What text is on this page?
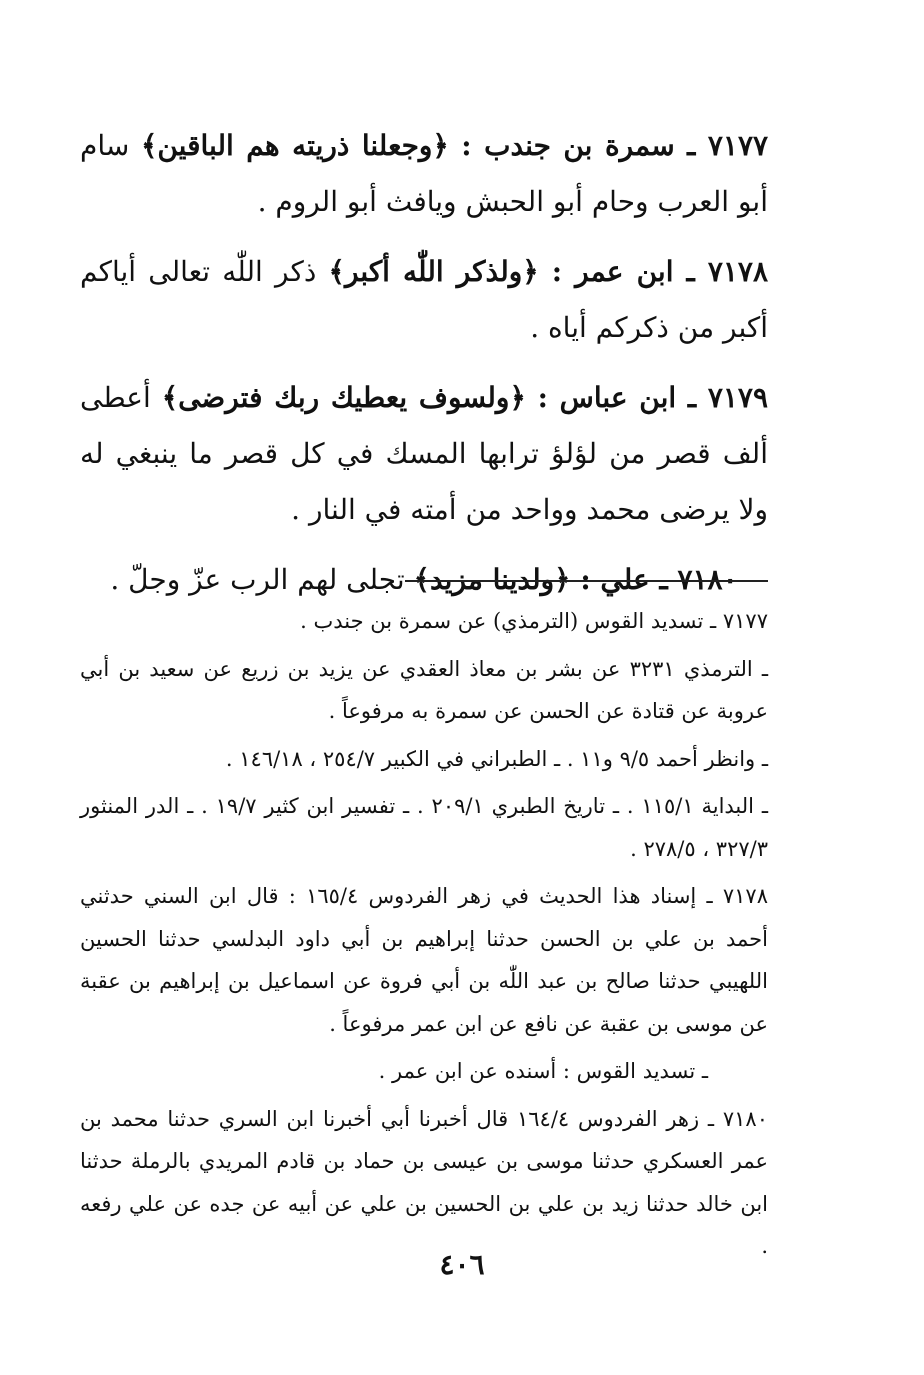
٧١٧٧ ـ سمرة بن جندب : ﴿وجعلنا ذريته هم الباقين﴾ سام أبو العرب وحام أبو الحبش ويافث أبو الروم .

٧١٧٨ ـ ابن عمر : ﴿ولذكر اللّٰه أكبر﴾ ذكر اللّٰه تعالى أياكم أكبر من ذكركم أياه .

٧١٧٩ ـ ابن عباس : ﴿ولسوف يعطيك ربك فترضى﴾ أعطى ألف قصر من لؤلؤ ترابها المسك في كل قصر ما ينبغي له ولا يرضى محمد وواحد من أمته في النار .

٧١٨٠ ـ علي : ﴿ولدينا مزيد﴾ تجلى لهم الرب عزّ وجلّ .

٧١٧٧ ـ تسديد القوس (الترمذي) عن سمرة بن جندب .

ـ الترمذي ٣٢٣١ عن بشر بن معاذ العقدي عن يزيد بن زريع عن سعيد بن أبي عروبة عن قتادة عن الحسن عن سمرة به مرفوعاً .

ـ وانظر أحمد ٩/٥ و١١ . ـ الطبراني في الكبير ٢٥٤/٧ ، ١٤٦/١٨ .

ـ البداية ١١٥/١ . ـ تاريخ الطبري ٢٠٩/١ . ـ تفسير ابن كثير ١٩/٧ . ـ الدر المنثور ٣٢٧/٣ ، ٢٧٨/٥ .

٧١٧٨ ـ إسناد هذا الحديث في زهر الفردوس ١٦٥/٤ : قال ابن السني حدثني أحمد بن علي بن الحسن حدثنا إبراهيم بن أبي داود البدلسي حدثنا الحسين اللهيبي حدثنا صالح بن عبد اللّٰه بن أبي فروة عن اسماعيل بن إبراهيم بن عقبة عن موسى بن عقبة عن نافع عن ابن عمر مرفوعاً .

ـ تسديد القوس : أسنده عن ابن عمر .

٧١٨٠ ـ زهر الفردوس ١٦٤/٤ قال أخبرنا أبي أخبرنا ابن السري حدثنا محمد بن عمر العسكري حدثنا موسى بن عيسى بن حماد بن قادم المريدي بالرملة حدثنا ابن خالد حدثنا زيد بن علي بن الحسين بن علي عن أبيه عن جده عن علي رفعه .

٤٠٦
